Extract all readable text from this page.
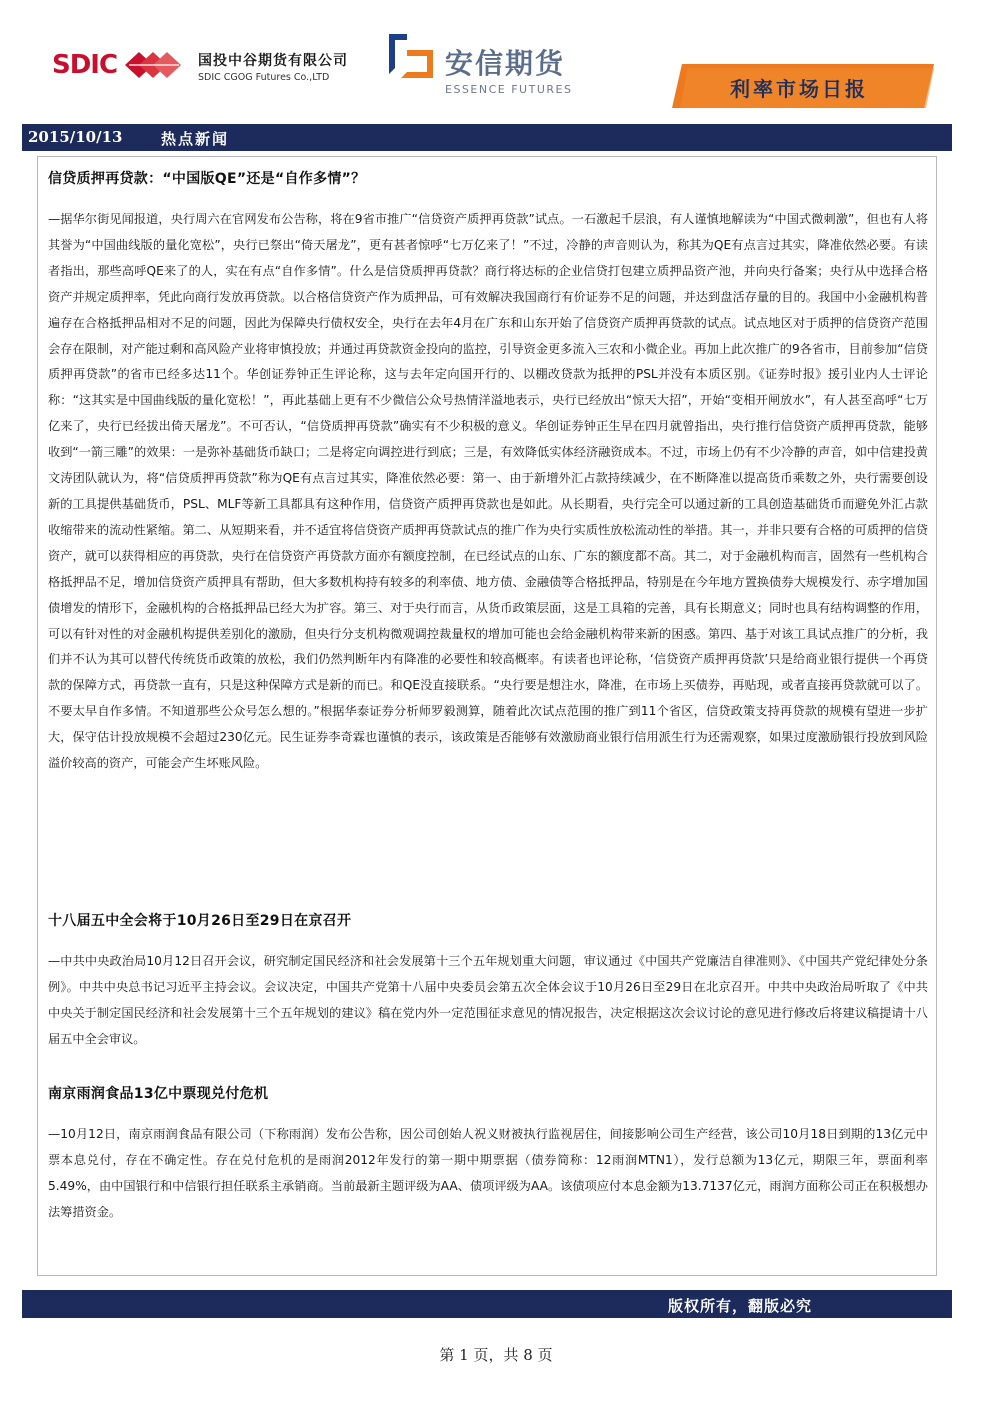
SDIC	国投中谷期货有限公司
SDIC CGOG Futures Co.,LTD	安信期货
ESSENCE FUTURES	利率市场日报
2015/10/13	热点新闻

信贷质押再贷款：“中国版QE”还是“自作多情”？

—据华尔街见闻报道，央行周六在官网发布公告称，将在9省市推广“信贷资产质押再贷款”试点。一石激起千层浪，有人谨慎地解读为“中国式微刺激”，但也有人将其誉为“中国曲线版的量化宽松”，央行已祭出“倚天屠龙”，更有甚者惊呼“七万亿来了！”不过，冷静的声音则认为，称其为QE有点言过其实，降准依然必要。有读者指出，那些高呼QE来了的人，实在有点“自作多情”。什么是信贷质押再贷款？商行将达标的企业信贷打包建立质押品资产池，并向央行备案；央行从中选择合格资产并规定质押率，凭此向商行发放再贷款。以合格信贷资产作为质押品，可有效解决我国商行有价证券不足的问题，并达到盘活存量的目的。我国中小金融机构普遍存在合格抵押品相对不足的问题，因此为保障央行债权安全，央行在去年4月在广东和山东开始了信贷资产质押再贷款的试点。试点地区对于质押的信贷资产范围会存在限制，对产能过剩和高风险产业将审慎投放；并通过再贷款资金投向的监控，引导资金更多流入三农和小微企业。再加上此次推广的9各省市，目前参加“信贷质押再贷款”的省市已经多达11个。华创证券钟正生评论称，这与去年定向国开行的、以棚改贷款为抵押的PSL并没有本质区别。《证券时报》援引业内人士评论称：“这其实是中国曲线版的量化宽松！”，再此基础上更有不少微信公众号热情洋溢地表示，央行已经放出“惊天大招”，开始“变相开闸放水”，有人甚至高呼“七万亿来了，央行已经拔出倚天屠龙”。不可否认，“信贷质押再贷款”确实有不少积极的意义。华创证券钟正生早在四月就曾指出，央行推行信贷资产质押再贷款，能够收到“一箭三雕”的效果：一是弥补基础货币缺口；二是将定向调控进行到底；三是，有效降低实体经济融资成本。不过，市场上仍有不少冷静的声音，如中信建投黄文涛团队就认为，将“信贷质押再贷款”称为QE有点言过其实，降准依然必要：第一、由于新增外汇占款持续减少，在不断降准以提高货币乘数之外，央行需要创设新的工具提供基础货币，PSL、MLF等新工具都具有这种作用，信贷资产质押再贷款也是如此。从长期看，央行完全可以通过新的工具创造基础货币而避免外汇占款收缩带来的流动性紧缩。第二、从短期来看，并不适宜将信贷资产质押再贷款试点的推广作为央行实质性放松流动性的举措。其一，并非只要有合格的可质押的信贷资产，就可以获得相应的再贷款，央行在信贷资产再贷款方面亦有额度控制，在已经试点的山东、广东的额度都不高。其二，对于金融机构而言，固然有一些机构合格抵押品不足，增加信贷资产质押具有帮助，但大多数机构持有较多的利率债、地方债、金融债等合格抵押品，特别是在今年地方置换债券大规模发行、赤字增加国债增发的情形下，金融机构的合格抵押品已经大为扩容。第三、对于央行而言，从货币政策层面，这是工具箱的完善，具有长期意义；同时也具有结构调整的作用，可以有针对性的对金融机构提供差别化的激励，但央行分支机构微观调控裁量权的增加可能也会给金融机构带来新的困惑。第四、基于对该工具试点推广的分析，我们并不认为其可以替代传统货币政策的放松，我们仍然判断年内有降准的必要性和较高概率。有读者也评论称，‘信贷资产质押再贷款’只是给商业银行提供一个再贷款的保障方式，再贷款一直有，只是这种保障方式是新的而已。和QE没直接联系。“央行要是想注水，降准，在市场上买债券，再贴现，或者直接再贷款就可以了。不要太早自作多情。不知道那些公众号怎么想的。”根据华泰证券分析师罗毅测算，随着此次试点范围的推广到11个省区，信贷政策支持再贷款的规模有望进一步扩大，保守估计投放规模不会超过230亿元。民生证券李奇霖也谨慎的表示，该政策是否能够有效激励商业银行信用派生行为还需观察，如果过度激励银行投放到风险溢价较高的资产，可能会产生坏账风险。

十八届五中全会将于10月26日至29日在京召开

—中共中央政治局10月12日召开会议，研究制定国民经济和社会发展第十三个五年规划重大问题，审议通过《中国共产党廉洁自律准则》、《中国共产党纪律处分条例》。中共中央总书记习近平主持会议。会议决定，中国共产党第十八届中央委员会第五次全体会议于10月26日至29日在北京召开。中共中央政治局听取了《中共中央关于制定国民经济和社会发展第十三个五年规划的建议》稿在党内外一定范围征求意见的情况报告，决定根据这次会议讨论的意见进行修改后将建议稿提请十八届五中全会审议。

南京雨润食品13亿中票现兑付危机

—10月12日，南京雨润食品有限公司（下称雨润）发布公告称，因公司创始人祝义财被执行监视居住，间接影响公司生产经营，该公司10月18日到期的13亿元中票本息兑付，存在不确定性。存在兑付危机的是雨润2012年发行的第一期中期票据（债券简称：12雨润MTN1），发行总额为13亿元，期限三年，票面利率5.49%，由中国银行和中信银行担任联系主承销商。当前最新主题评级为AA、债项评级为AA。该债项应付本息金额为13.7137亿元，雨润方面称公司正在积极想办法筹措资金。

版权所有，翻版必究
第 1 页，共 8 页
